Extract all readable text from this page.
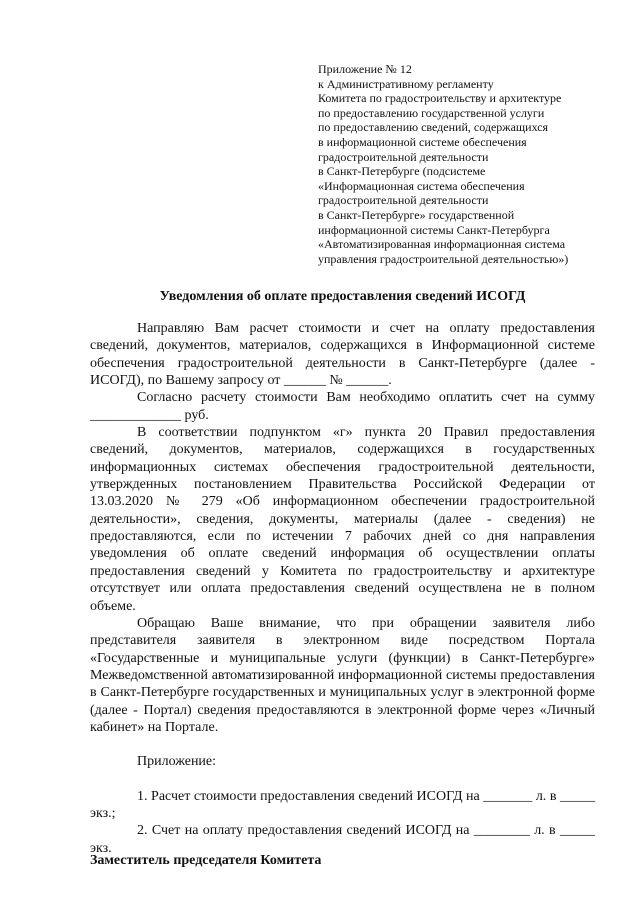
Приложение № 12
к Административному регламенту
Комитета по градостроительству и архитектуре
по предоставлению государственной услуги
по предоставлению сведений, содержащихся
в информационной системе обеспечения
градостроительной деятельности
в Санкт-Петербурге (подсистеме
«Информационная система обеспечения
градостроительной деятельности
в Санкт-Петербурге» государственной
информационной системы Санкт-Петербурга
«Автоматизированная информационная система
управления градостроительной деятельностью»)
Уведомления об оплате предоставления сведений ИСОГД

Направляю Вам расчет стоимости и счет на оплату предоставления сведений, документов, материалов, содержащихся в Информационной системе обеспечения градостроительной деятельности в Санкт-Петербурге (далее - ИСОГД), по Вашему запросу от ______ № ______.

Согласно расчету стоимости Вам необходимо оплатить счет на сумму _____________ руб.

В соответствии подпунктом «г» пункта 20 Правил предоставления сведений, документов, материалов, содержащихся в государственных информационных системах обеспечения градостроительной деятельности, утвержденных постановлением Правительства Российской Федерации от 13.03.2020 № 279 «Об информационном обеспечении градостроительной деятельности», сведения, документы, материалы (далее - сведения) не предоставляются, если по истечении 7 рабочих дней со дня направления уведомления об оплате сведений информация об осуществлении оплаты предоставления сведений у Комитета по градостроительству и архитектуре отсутствует или оплата предоставления сведений осуществлена не в полном объеме.

Обращаю Ваше внимание, что при обращении заявителя либо представителя заявителя в электронном виде посредством Портала «Государственные и муниципальные услуги (функции) в Санкт-Петербурге» Межведомственной автоматизированной информационной системы предоставления в Санкт-Петербурге государственных и муниципальных услуг в электронной форме (далее - Портал) сведения предоставляются в электронной форме через «Личный кабинет» на Портале.

Приложение:

1. Расчет стоимости предоставления сведений ИСОГД на _______ л. в _____ экз.;

2. Счет на оплату предоставления сведений ИСОГД на ________ л. в _____ экз.

Заместитель председателя Комитета
